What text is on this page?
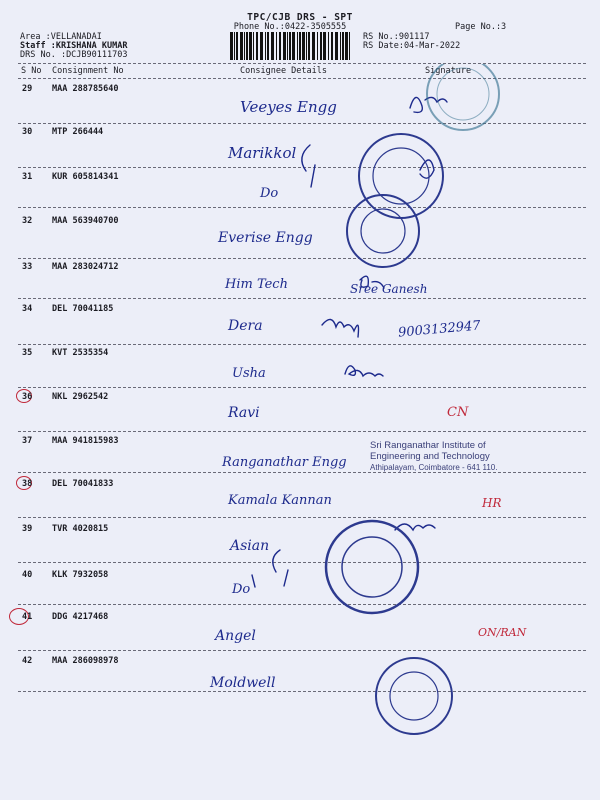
TPC/CJB DRS - SPT
Phone No.:0422-3505555	Page No.:3
Area :VELLANADAI
Staff :KRISHANA KUMAR
DRS No. :DCJB90111703
RS No.:901117
RS Date:04-Mar-2022
S No Consignment No	Consignee Details	Signature
29 MAA 288785640
Veeyes Engg
30 MTP 266444
Marikkol
31 KUR 605814341
Do
32 MAA 563940700
Everise Engg
33 MAA 283024712
Him Tech	Sree Ganesh
34 DEL 70041185
Dera	9003132947
35 KVT 2535354
Usha
36 NKL 2962542
Ravi	CN
37 MAA 941815983
Ranganathar Engg
38 DEL 70041833
Kamala Kannan	HR
39 TVR 4020815
Asian
40 KLK 7932058
Do
41 DDG 4217468
Angel	ON/RAN
42 MAA 286098978
Moldwell
Sri Ranganathar Institute of
Engineering and Technology
Athipalayam, Coimbatore - 641 110.
